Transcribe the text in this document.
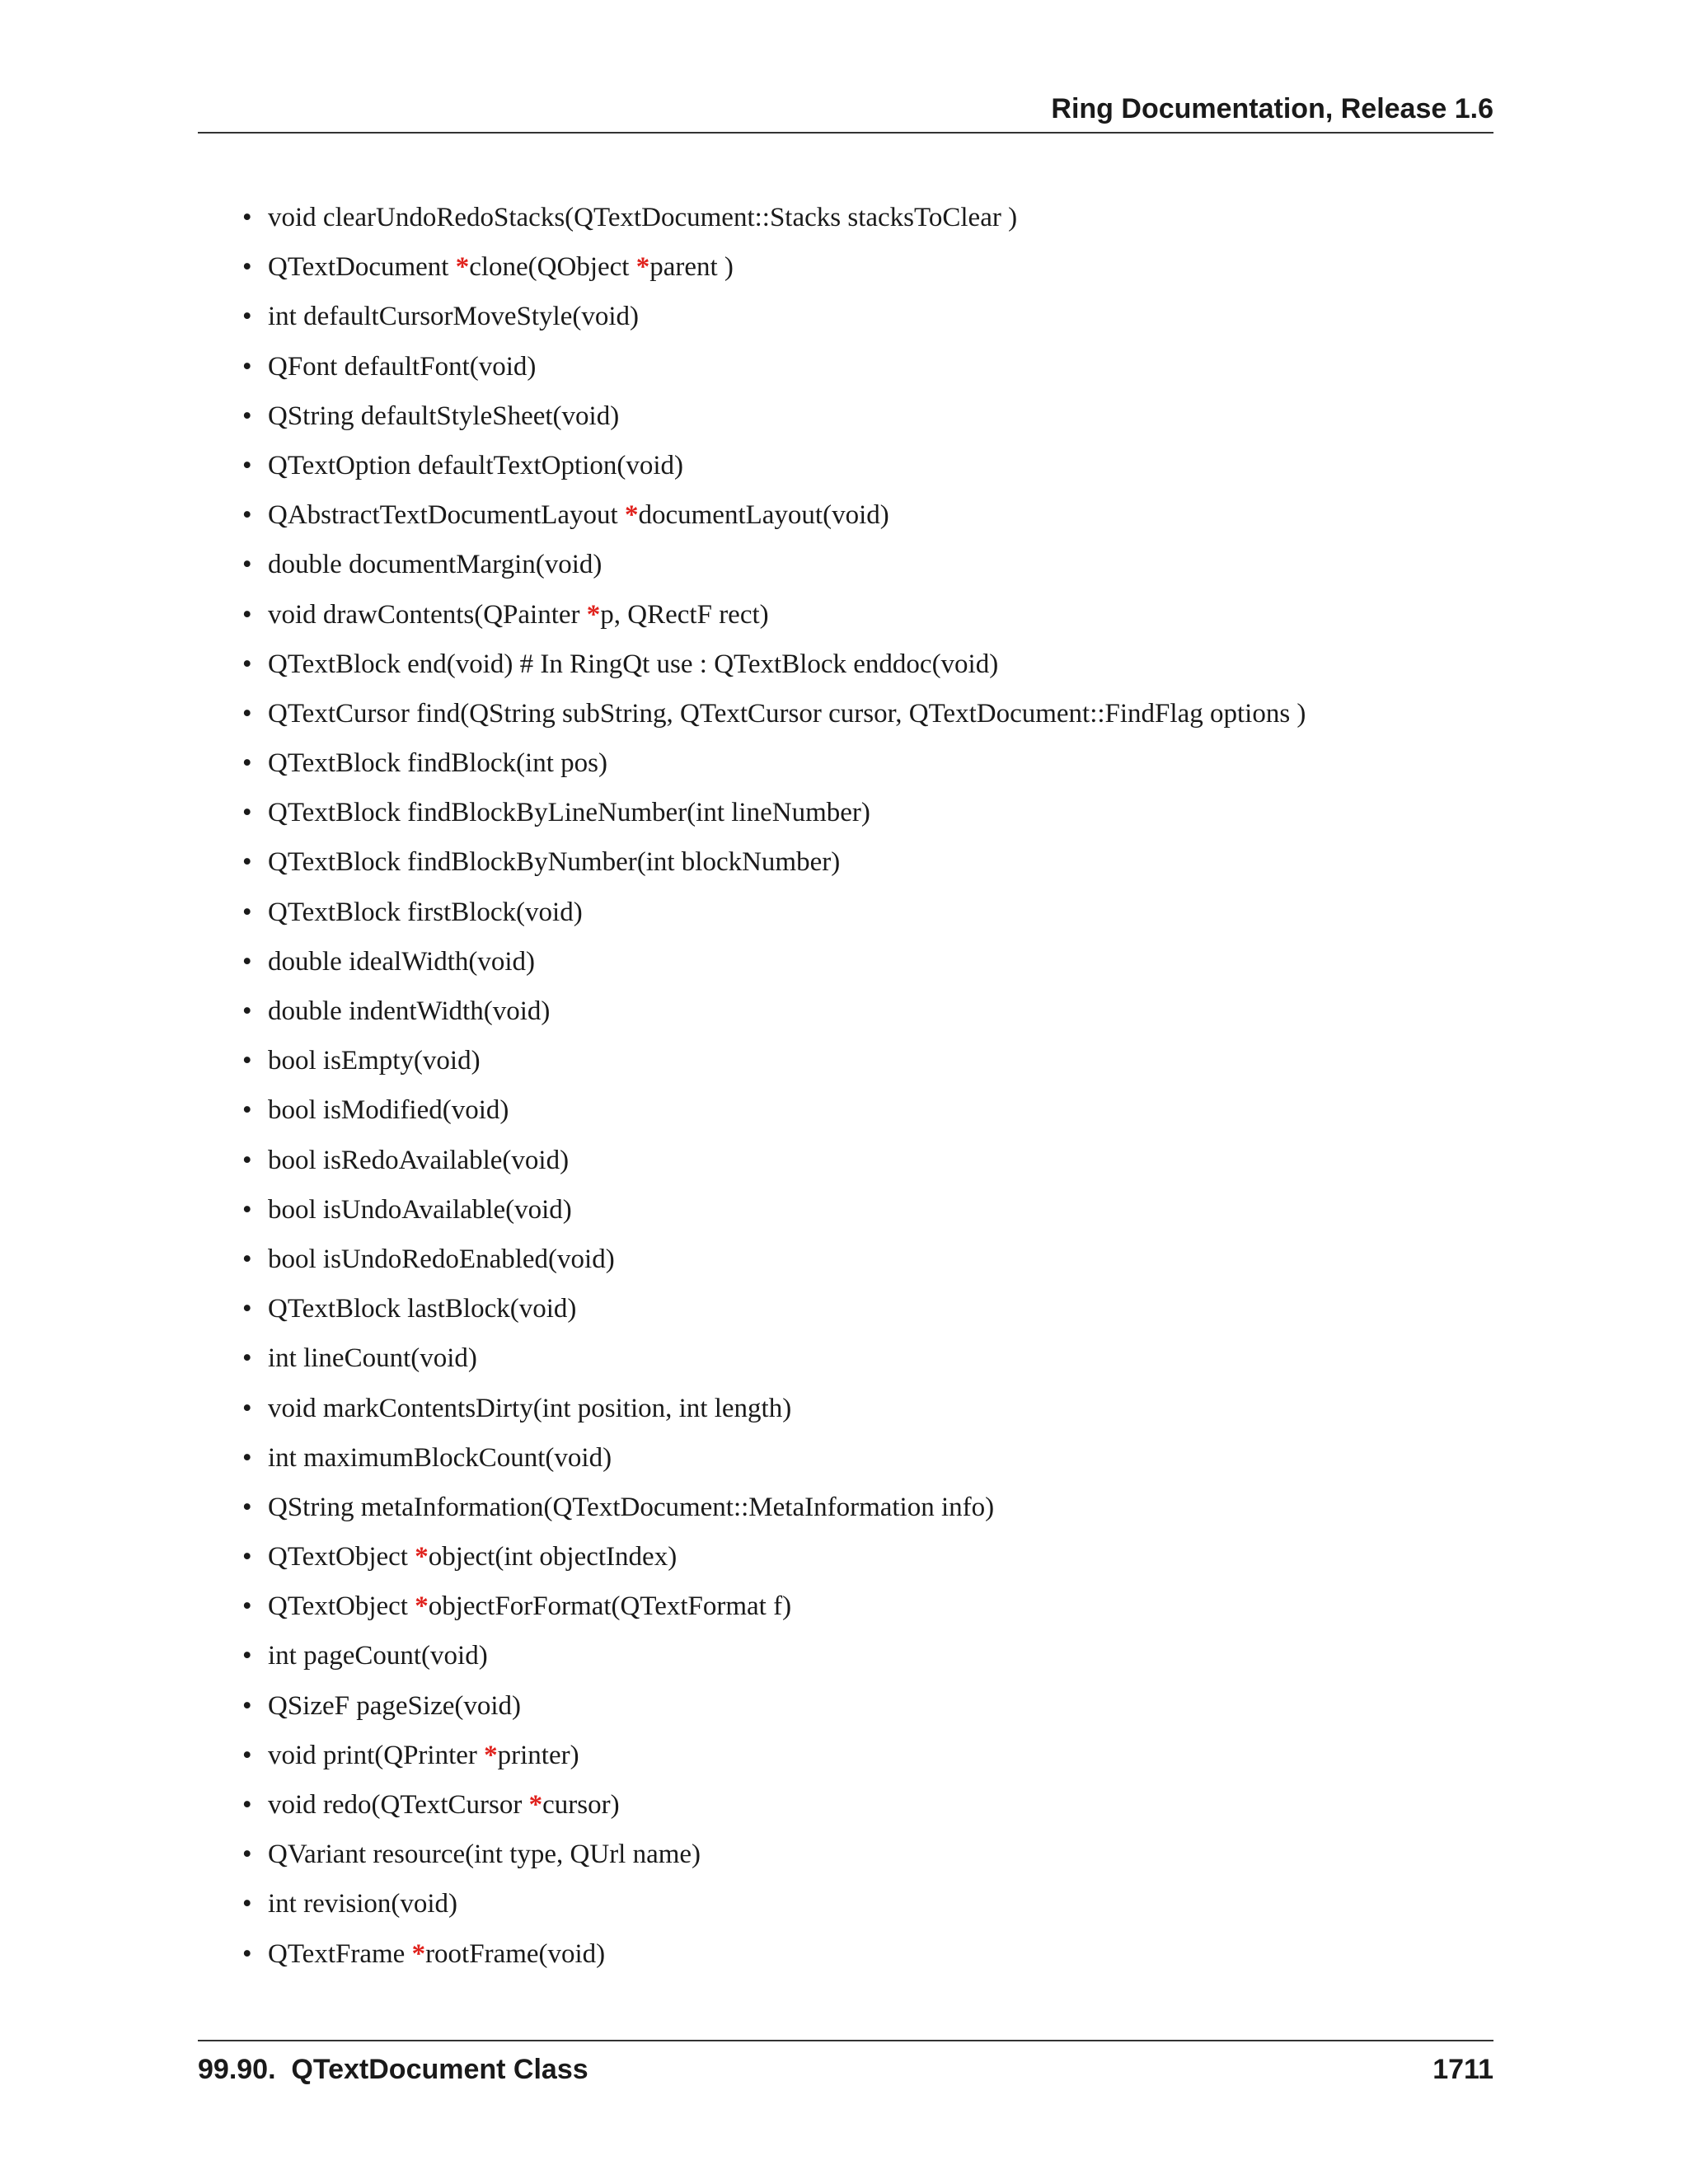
Ring Documentation, Release 1.6
• void clearUndoRedoStacks(QTextDocument::Stacks stacksToClear )
• QTextDocument *clone(QObject *parent )
• int defaultCursorMoveStyle(void)
• QFont defaultFont(void)
• QString defaultStyleSheet(void)
• QTextOption defaultTextOption(void)
• QAbstractTextDocumentLayout *documentLayout(void)
• double documentMargin(void)
• void drawContents(QPainter *p, QRectF rect)
• QTextBlock end(void) # In RingQt use : QTextBlock enddoc(void)
• QTextCursor find(QString subString, QTextCursor cursor, QTextDocument::FindFlag options )
• QTextBlock findBlock(int pos)
• QTextBlock findBlockByLineNumber(int lineNumber)
• QTextBlock findBlockByNumber(int blockNumber)
• QTextBlock firstBlock(void)
• double idealWidth(void)
• double indentWidth(void)
• bool isEmpty(void)
• bool isModified(void)
• bool isRedoAvailable(void)
• bool isUndoAvailable(void)
• bool isUndoRedoEnabled(void)
• QTextBlock lastBlock(void)
• int lineCount(void)
• void markContentsDirty(int position, int length)
• int maximumBlockCount(void)
• QString metaInformation(QTextDocument::MetaInformation info)
• QTextObject *object(int objectIndex)
• QTextObject *objectForFormat(QTextFormat f)
• int pageCount(void)
• QSizeF pageSize(void)
• void print(QPrinter *printer)
• void redo(QTextCursor *cursor)
• QVariant resource(int type, QUrl name)
• int revision(void)
• QTextFrame *rootFrame(void)
99.90.  QTextDocument Class	1711
